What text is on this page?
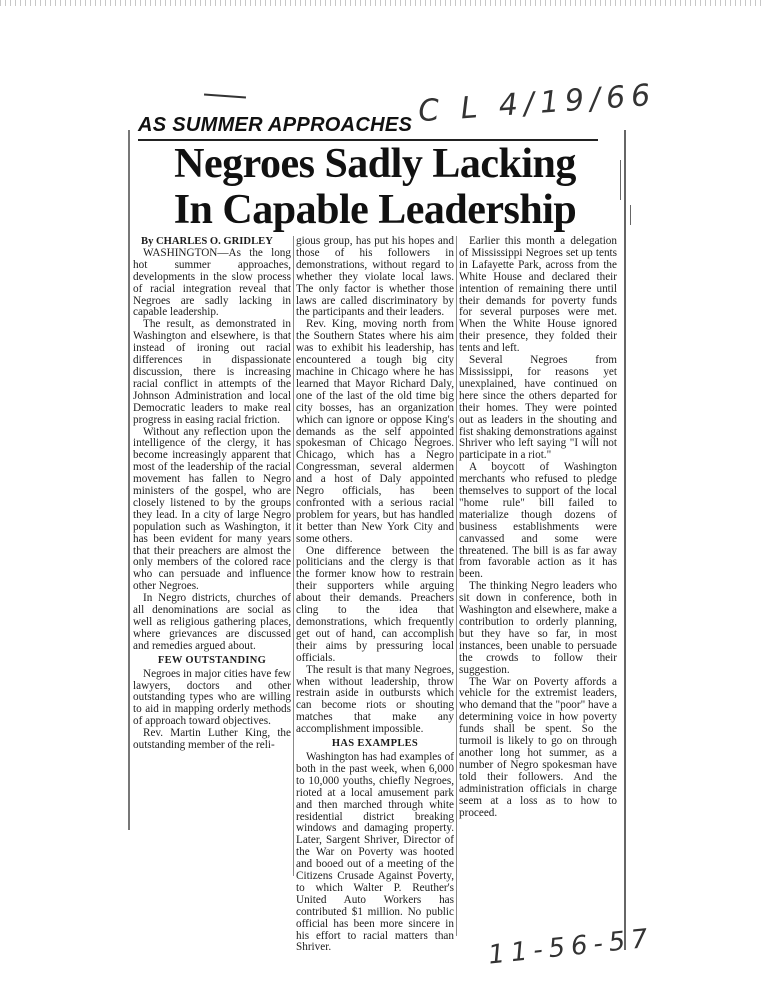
C L 4/19/66
AS SUMMER APPROACHES
Negroes Sadly Lacking
In Capable Leadership

By CHARLES O. GRIDLEY

WASHINGTON—As the long hot summer approaches, developments in the slow process of racial integration reveal that Negroes are sadly lacking in capable leadership.

The result, as demonstrated in Washington and elsewhere, is that instead of ironing out racial differences in dispassionate discussion, there is increasing racial conflict in attempts of the Johnson Administration and local Democratic leaders to make real progress in easing racial friction.

Without any reflection upon the intelligence of the clergy, it has become increasingly apparent that most of the leadership of the racial movement has fallen to Negro ministers of the gospel, who are closely listened to by the groups they lead. In a city of large Negro population such as Washington, it has been evident for many years that their preachers are almost the only members of the colored race who can persuade and influence other Negroes.

In Negro districts, churches of all denominations are social as well as religious gathering places, where grievances are discussed and remedies argued about.

FEW OUTSTANDING

Negroes in major cities have few lawyers, doctors and other outstanding types who are willing to aid in mapping orderly methods of approach toward objectives.

Rev. Martin Luther King, the outstanding member of the reli-

gious group, has put his hopes and those of his followers in demonstrations, without regard to whether they violate local laws. The only factor is whether those laws are called discriminatory by the participants and their leaders.

Rev. King, moving north from the Southern States where his aim was to exhibit his leadership, has encountered a tough big city machine in Chicago where he has learned that Mayor Richard Daly, one of the last of the old time big city bosses, has an organization which can ignore or oppose King's demands as the self appointed spokesman of Chicago Negroes. Chicago, which has a Negro Congressman, several aldermen and a host of Daly appointed Negro officials, has been confronted with a serious racial problem for years, but has handled it better than New York City and some others.

One difference between the politicians and the clergy is that the former know how to restrain their supporters while arguing about their demands. Preachers cling to the idea that demonstrations, which frequently get out of hand, can accomplish their aims by pressuring local officials.

The result is that many Negroes, when without leadership, throw restrain aside in outbursts which can become riots or shouting matches that make any accomplishment impossible.

HAS EXAMPLES

Washington has had examples of both in the past week, when 6,000 to 10,000 youths, chiefly Negroes, rioted at a local amusement park and then marched through white residential district breaking windows and damaging property. Later, Sargent Shriver, Director of the War on Poverty was hooted and booed out of a meeting of the Citizens Crusade Against Poverty, to which Walter P. Reuther's United Auto Workers has contributed $1 million. No public official has been more sincere in his effort to racial matters than Shriver.

Earlier this month a delegation of Mississippi Negroes set up tents in Lafayette Park, across from the White House and declared their intention of remaining there until their demands for poverty funds for several purposes were met. When the White House ignored their presence, they folded their tents and left.

Several Negroes from Mississippi, for reasons yet unexplained, have continued on here since the others departed for their homes. They were pointed out as leaders in the shouting and fist shaking demonstrations against Shriver who left saying "I will not participate in a riot."

A boycott of Washington merchants who refused to pledge themselves to support of the local "home rule" bill failed to materialize though dozens of business establishments were canvassed and some were threatened. The bill is as far away from favorable action as it has been.

The thinking Negro leaders who sit down in conference, both in Washington and elsewhere, make a contribution to orderly planning, but they have so far, in most instances, been unable to persuade the crowds to follow their suggestion.

The War on Poverty affords a vehicle for the extremist leaders, who demand that the "poor" have a determining voice in how poverty funds shall be spent. So the turmoil is likely to go on through another long hot summer, as a number of Negro spokesman have told their followers. And the administration officials in charge seem at a loss as to how to proceed.

11-56-57
